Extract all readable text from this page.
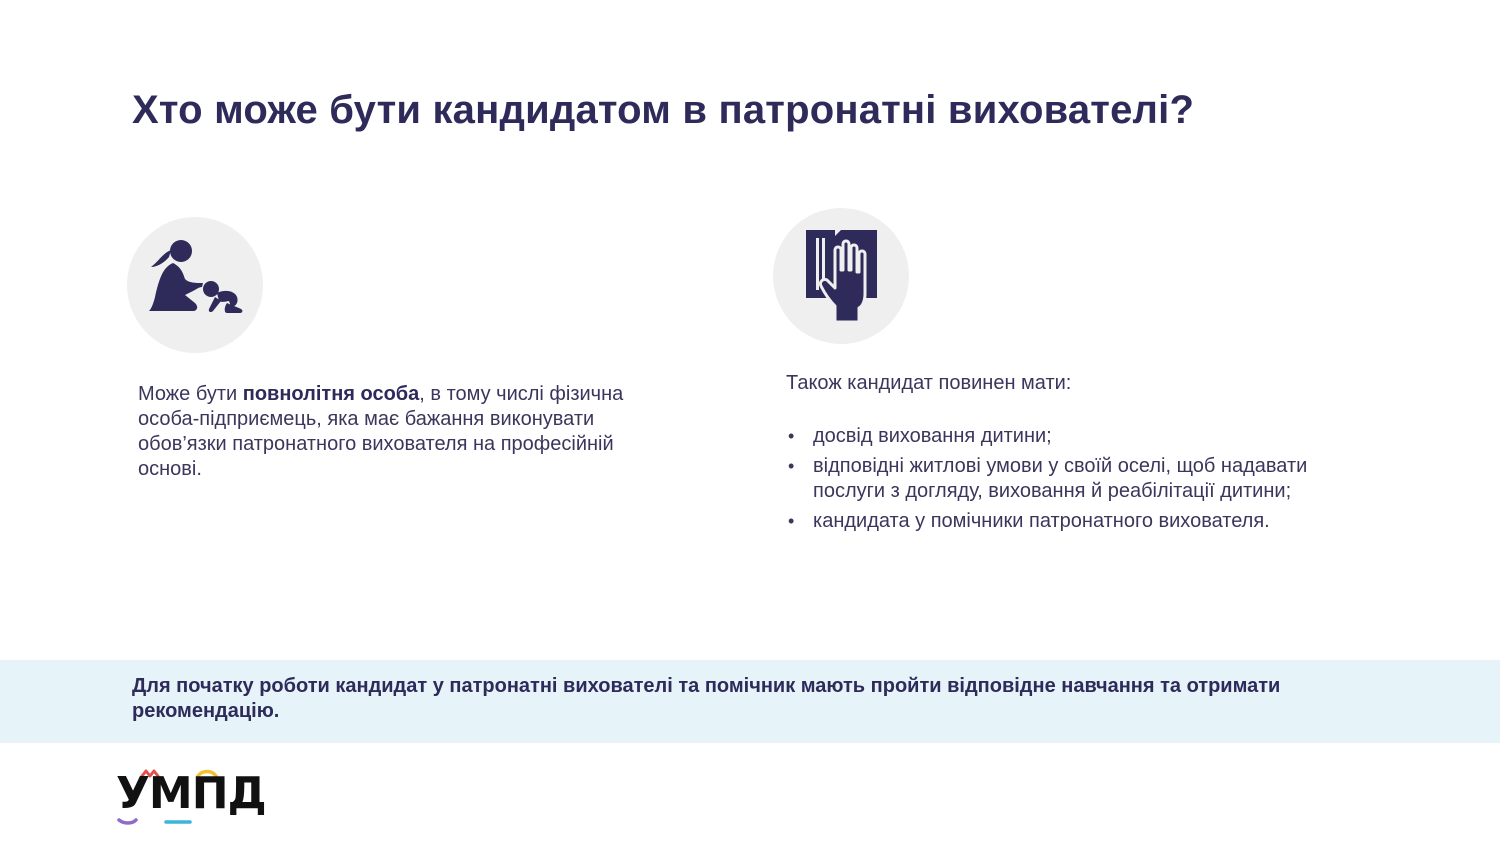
Хто може бути кандидатом в патронатні вихователі?

Може бути повнолітня особа, в тому числі фізична особа-підприємець, яка має бажання виконувати обов’язки патронатного вихователя на професійній основі.

Також кандидат повинен мати:

• досвід виховання дитини;
• відповідні житлові умови у своїй оселі, щоб надавати послуги з догляду, виховання й реабілітації дитини;
• кандидата у помічники патронатного вихователя.

Для початку роботи кандидат у патронатні вихователі та помічник мають пройти відповідне навчання та отримати рекомендацію.

УМПД
